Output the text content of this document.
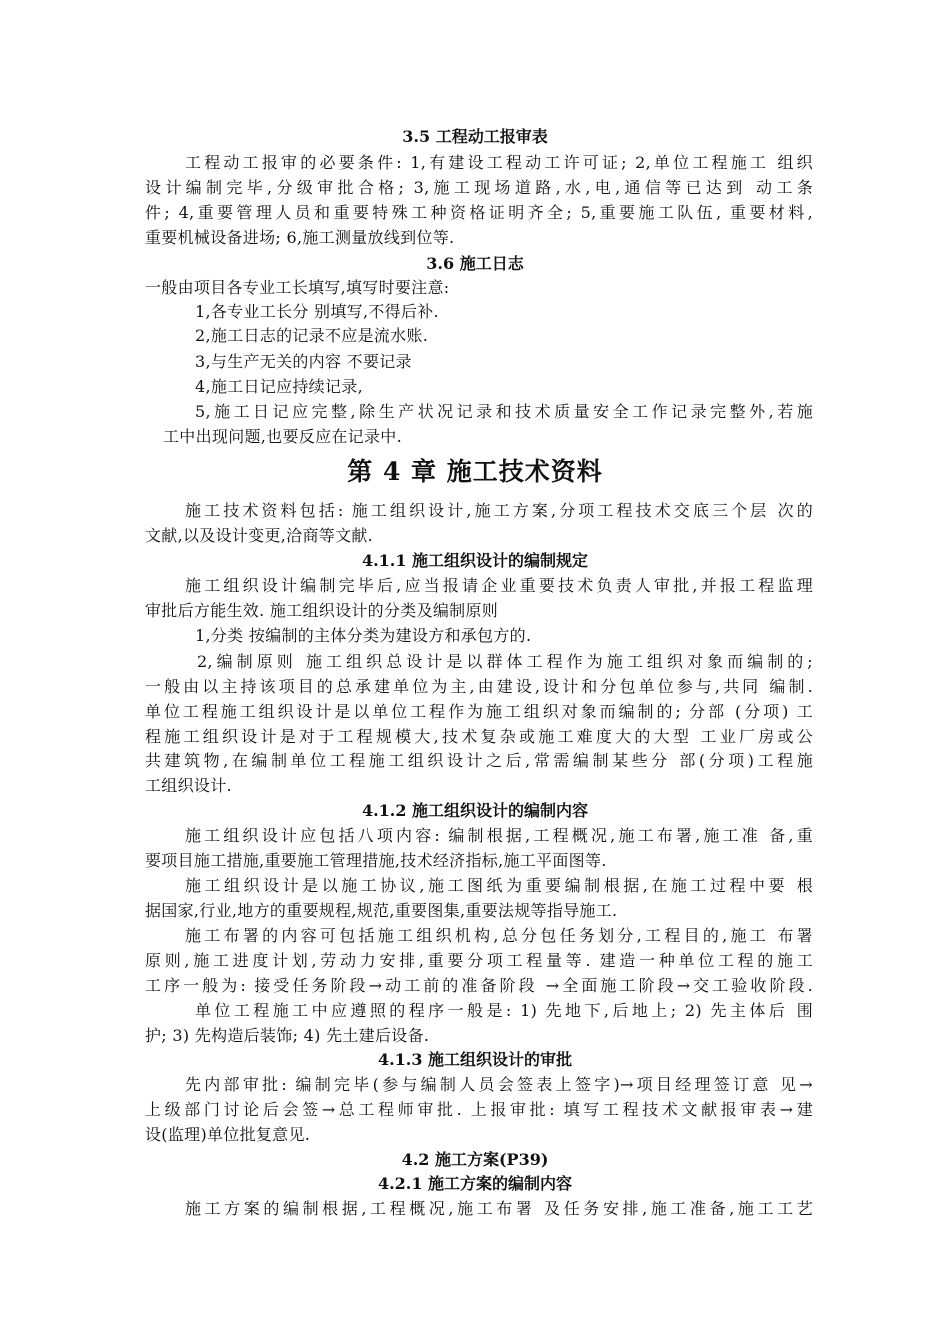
3.5 工程动工报审表
工程动工报审的必要条件: 1,有建设工程动工许可证; 2,单位工程施工 组织
设计编制完毕,分级审批合格; 3,施工现场道路,水,电,通信等已达到 动工条
件; 4,重要管理人员和重要特殊工种资格证明齐全; 5,重要施工队伍, 重要材料,
重要机械设备进场; 6,施工测量放线到位等.
3.6 施工日志
一般由项目各专业工长填写,填写时要注意:
1,各专业工长分 别填写,不得后补.
2,施工日志的记录不应是流水账.
3,与生产无关的内容 不要记录
4,施工日记应持续记录,
5,施工日记应完整,除生产状况记录和技术质量安全工作记录完整外,若施
工中出现问题,也要反应在记录中.
第 4 章 施工技术资料
施工技术资料包括: 施工组织设计,施工方案,分项工程技术交底三个层 次的
文献,以及设计变更,洽商等文献.
4.1.1 施工组织设计的编制规定
施工组织设计编制完毕后,应当报请企业重要技术负责人审批,并报工程监理
审批后方能生效. 施工组织设计的分类及编制原则
1,分类 按编制的主体分类为建设方和承包方的.
2,编制原则 施工组织总设计是以群体工程作为施工组织对象而编制的;
一般由以主持该项目的总承建单位为主,由建设,设计和分包单位参与,共同 编制.
单位工程施工组织设计是以单位工程作为施工组织对象而编制的; 分部 (分项) 工
程施工组织设计是对于工程规模大,技术复杂或施工难度大的大型 工业厂房或公
共建筑物,在编制单位工程施工组织设计之后,常需编制某些分 部(分项)工程施
工组织设计.
4.1.2 施工组织设计的编制内容
施工组织设计应包括八项内容: 编制根据,工程概况,施工布署,施工准 备,重
要项目施工措施,重要施工管理措施,技术经济指标,施工平面图等.
施工组织设计是以施工协议,施工图纸为重要编制根据,在施工过程中要 根
据国家,行业,地方的重要规程,规范,重要图集,重要法规等指导施工.
施工布署的内容可包括施工组织机构,总分包任务划分,工程目的,施工 布署
原则,施工进度计划,劳动力安排,重要分项工程量等. 建造一种单位工程的施工
工序一般为: 接受任务阶段→动工前的准备阶段 →全面施工阶段→交工验收阶段.
单位工程施工中应遵照的程序一般是: 1) 先地下,后地上; 2) 先主体后 围
护; 3) 先构造后装饰; 4) 先土建后设备.
4.1.3 施工组织设计的审批
先内部审批: 编制完毕(参与编制人员会签表上签字)→项目经理签订意 见→
上级部门讨论后会签→总工程师审批. 上报审批: 填写工程技术文献报审表→建
设(监理)单位批复意见.
4.2 施工方案(P39)
4.2.1 施工方案的编制内容
施工方案的编制根据,工程概况,施工布署 及任务安排,施工准备,施工工艺
